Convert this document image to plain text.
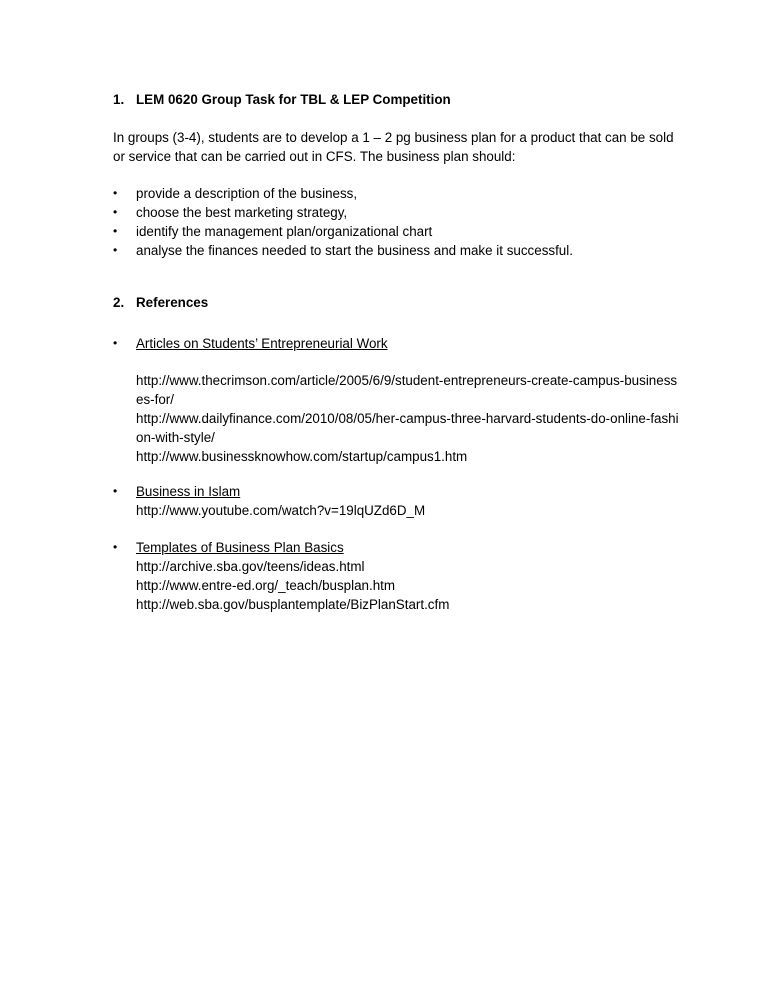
1. LEM 0620 Group Task for TBL & LEP Competition

In groups (3-4), students are to develop a 1 – 2 pg business plan for a product that can be sold or service that can be carried out in CFS. The business plan should:

•	provide a description of the business,
•	choose the best marketing strategy,
•	identify the management plan/organizational chart
•	analyse the finances needed to start the business and make it successful.
2. References
•	Articles on Students’ Entrepreneurial Work
http://www.thecrimson.com/article/2005/6/9/student-entrepreneurs-create-campus-businesses-for/
http://www.dailyfinance.com/2010/08/05/her-campus-three-harvard-students-do-online-fashion-with-style/
http://www.businessknowhow.com/startup/campus1.htm
•	Business in Islam
http://www.youtube.com/watch?v=19lqUZd6D_M
•	Templates of Business Plan Basics
http://archive.sba.gov/teens/ideas.html
http://www.entre-ed.org/_teach/busplan.htm
http://web.sba.gov/busplantemplate/BizPlanStart.cfm
